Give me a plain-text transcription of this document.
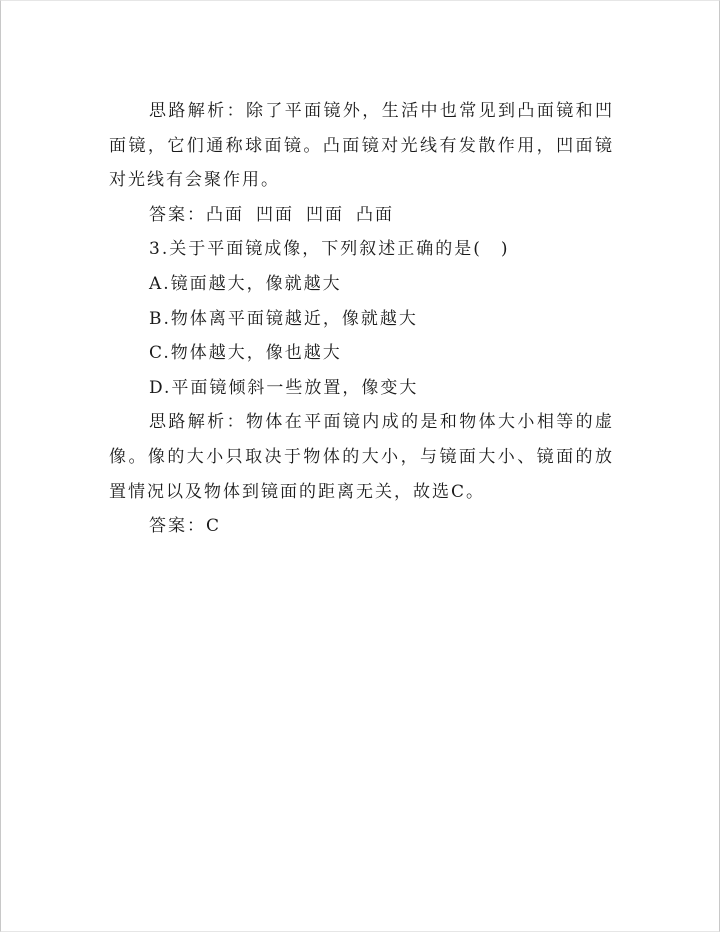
思路解析：除了平面镜外，生活中也常见到凸面镜和凹面镜，它们通称球面镜。凸面镜对光线有发散作用，凹面镜对光线有会聚作用。

答案：凸面 凹面 凹面 凸面

3.关于平面镜成像，下列叙述正确的是(　)

A.镜面越大，像就越大

B.物体离平面镜越近，像就越大

C.物体越大，像也越大

D.平面镜倾斜一些放置，像变大

思路解析：物体在平面镜内成的是和物体大小相等的虚像。像的大小只取决于物体的大小，与镜面大小、镜面的放置情况以及物体到镜面的距离无关，故选C。

答案：C
